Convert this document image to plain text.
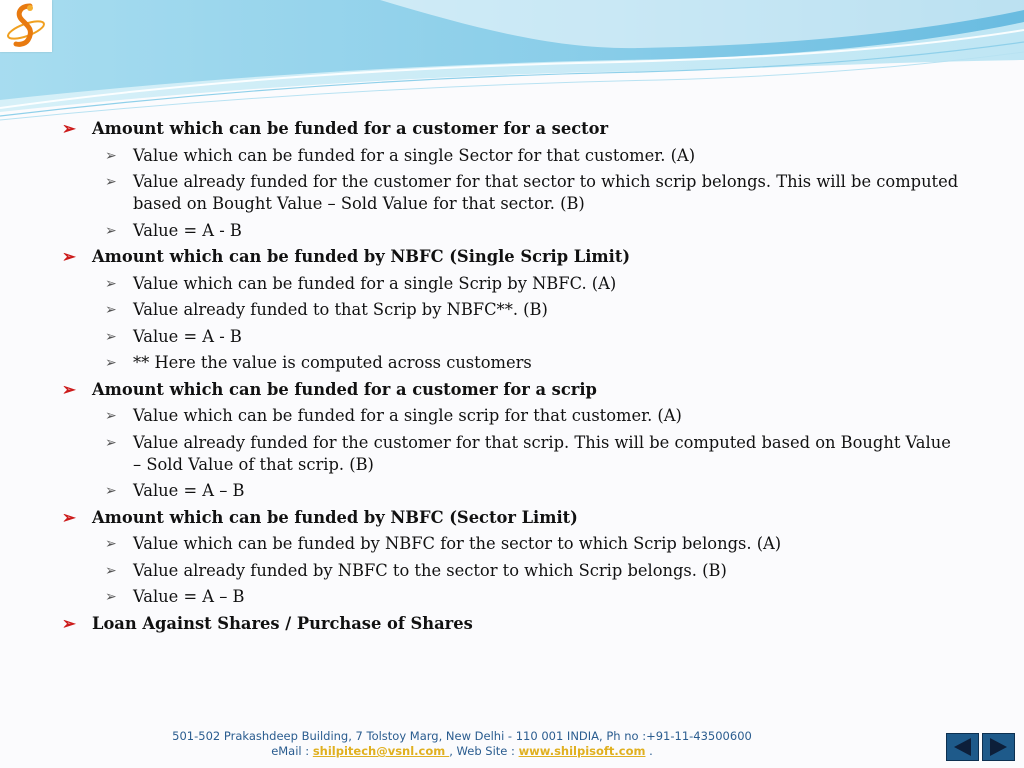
➢ Amount which can be funded for a customer for a sector
➢ Value which can be funded for a single Sector for that customer. (A)
➢ Value already funded for the customer for that sector to which scrip belongs. This will be computed based on Bought Value – Sold Value for that sector. (B)
➢ Value = A - B
➢ Amount which can be funded by NBFC (Single Scrip Limit)
➢ Value which can be funded for a single Scrip by NBFC. (A)
➢ Value already funded to that Scrip by NBFC**. (B)
➢ Value = A - B
➢ ** Here the value is computed across customers
➢ Amount which can be funded for a customer for a scrip
➢ Value which can be funded for a single scrip for that customer. (A)
➢ Value already funded for the customer for that scrip. This will be computed based on Bought Value – Sold Value of that scrip. (B)
➢ Value = A – B
➢ Amount which can be funded by NBFC (Sector Limit)
➢ Value which can be funded by NBFC for the sector to which Scrip belongs. (A)
➢ Value already funded by NBFC to the sector to which Scrip belongs. (B)
➢ Value = A – B
➢ Loan Against Shares / Purchase of Shares
501-502 Prakashdeep Building, 7 Tolstoy Marg, New Delhi - 110 001 INDIA, Ph no :+91-11-43500600
eMail : shilpitech@vsnl.com , Web Site : www.shilpisoft.com .
